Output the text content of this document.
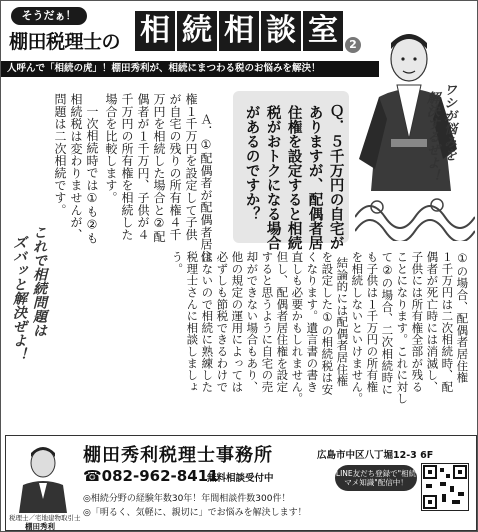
そうだぁ！
棚田税理士の 相 続 相 談 室	2
人呼んで「相続の虎」！棚田秀利が、相続にまつわる税のお悩みを解決！
ワシが悩みを
解決するぜよ！
Ｑ．５千万円の自宅が
ありますが、配偶者居
住権を設定すると相続
税がおトクになる場合
があるのですか？
Ａ．①配偶者が配偶者居住
権１千万円を設定して子供
が自宅の残りの所有権４千
万円を相続した場合と②配
偶者が１千万円、子供が４
千万円の所有権を相続した
場合を比較します。
一次相続時では①も②も
相続税は変わりませんが、
問題は二次相続です。
これで相続問題は
ズバッと解決ぜよ！	①の場合、配偶者居住権
１千万円は二次相続時、配
偶者が死亡時には消滅し、
子供には所有権全部が残る
ことになります。これに対し
て②の場合、二次相続時に
も子供は１千万円の所有権
を相続しないといけません。
結論的には配偶者居住権
を設定した①の相続税は安
くなります。遺言書の書き
直しも必要かもしれません。
但し、配偶者居住権を設定
すると思うように自宅の売
却ができない場合もあり、
他の規定の運用によっては
必ずしも節税できるわけで
はないので相続に熟練した
税理士さんに相談しましょ
う。
税理士／宅地建物取引士
棚田秀利
棚田秀利税理士事務所	広島市中区八丁堀12-3 6F
☎082-962-8411
無料相談受付中
◎相続分野の経験年数30年！年間相談件数300件！
◎「明るく、気軽に、親切に」でお悩みを解決します！
LINE友だち登録で"相続マメ知識"配信中！
